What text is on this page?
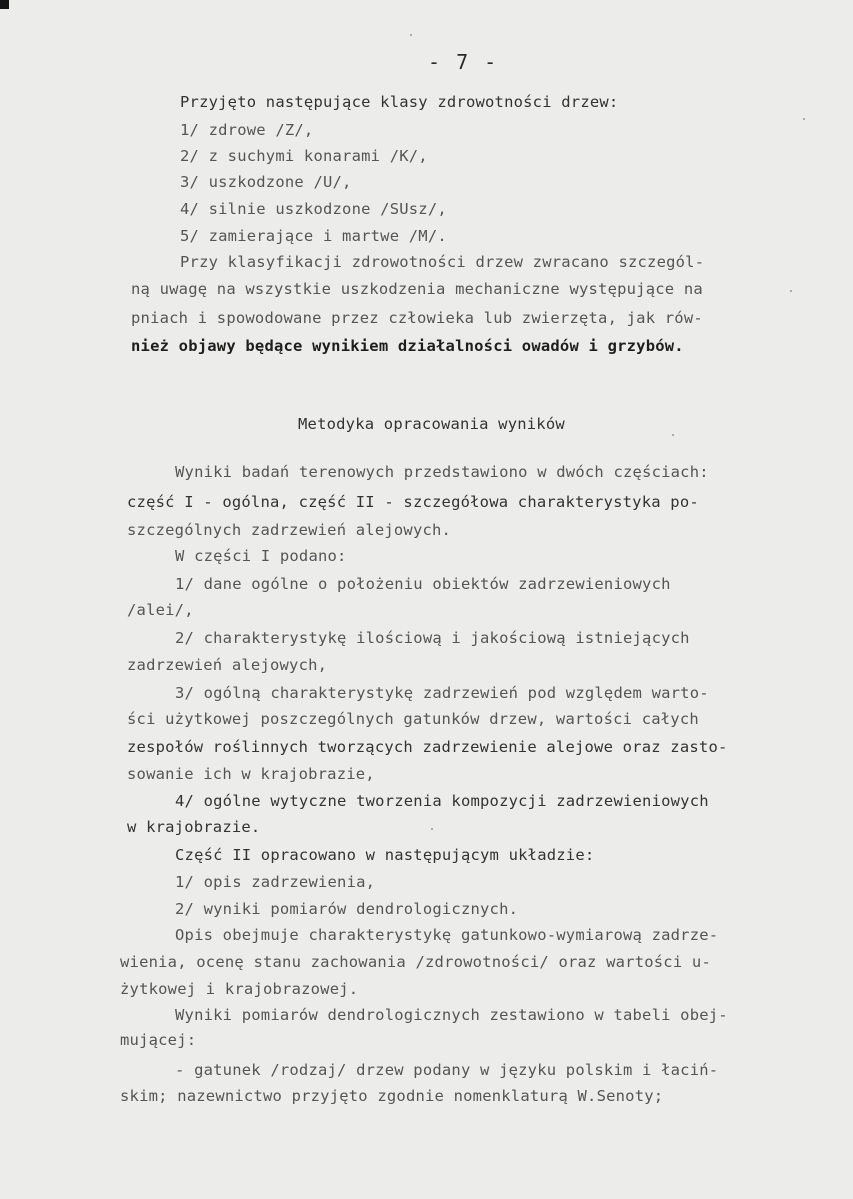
- 7 -
Przyjęto następujące klasy zdrowotności drzew:
1/ zdrowe /Z/,
2/ z suchymi konarami /K/,
3/ uszkodzone /U/,
4/ silnie uszkodzone /SUsz/,
5/ zamierające i martwe /M/.
Przy klasyfikacji zdrowotności drzew zwracano szczegól-
ną uwagę na wszystkie uszkodzenia mechaniczne występujące na
pniach i spowodowane przez człowieka lub zwierzęta, jak rów-
nież objawy będące wynikiem działalności owadów i grzybów.
Metodyka opracowania wyników
Wyniki badań terenowych przedstawiono w dwóch częściach:
część I - ogólna, część II - szczegółowa charakterystyka po-
szczególnych zadrzewień alejowych.
W części I podano:
1/ dane ogólne o położeniu obiektów zadrzewieniowych
/alei/,
2/ charakterystykę ilościową i jakościową istniejących
zadrzewień alejowych,
3/ ogólną charakterystykę zadrzewień pod względem warto-
ści użytkowej poszczególnych gatunków drzew, wartości całych
zespołów roślinnych tworzących zadrzewienie alejowe oraz zasto-
sowanie ich w krajobrazie,
4/ ogólne wytyczne tworzenia kompozycji zadrzewieniowych
w krajobrazie.
Część II opracowano w następującym układzie:
1/ opis zadrzewienia,
2/ wyniki pomiarów dendrologicznych.
Opis obejmuje charakterystykę gatunkowo-wymiarową zadrze-
wienia, ocenę stanu zachowania /zdrowotności/ oraz wartości u-
żytkowej i krajobrazowej.
Wyniki pomiarów dendrologicznych zestawiono w tabeli obej-
mującej:
- gatunek /rodzaj/ drzew podany w języku polskim i łaciń-
skim; nazewnictwo przyjęto zgodnie nomenklaturą W.Senoty;
